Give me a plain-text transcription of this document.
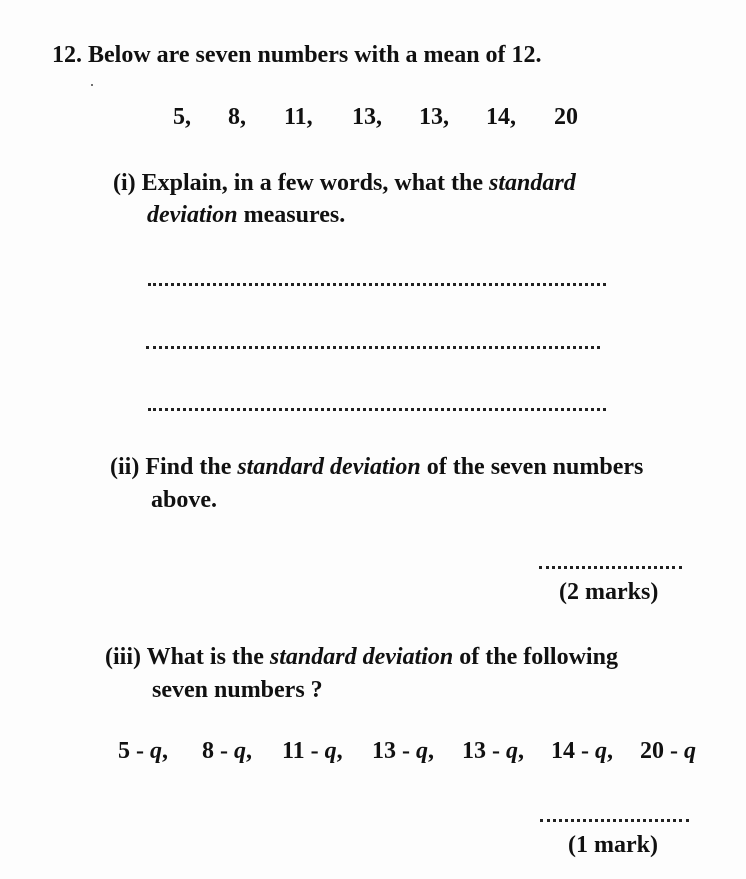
12. Below are seven numbers with a mean of 12.
5, 8, 11, 13, 13, 14, 20
(i) Explain, in a few words, what the standard
deviation measures.
(ii) Find the standard deviation of the seven numbers
above.
(2 marks)
(iii) What is the standard deviation of the following
seven numbers ?
5 - q, 8 - q, 11 - q, 13 - q, 13 - q, 14 - q, 20 - q
(1 mark)
